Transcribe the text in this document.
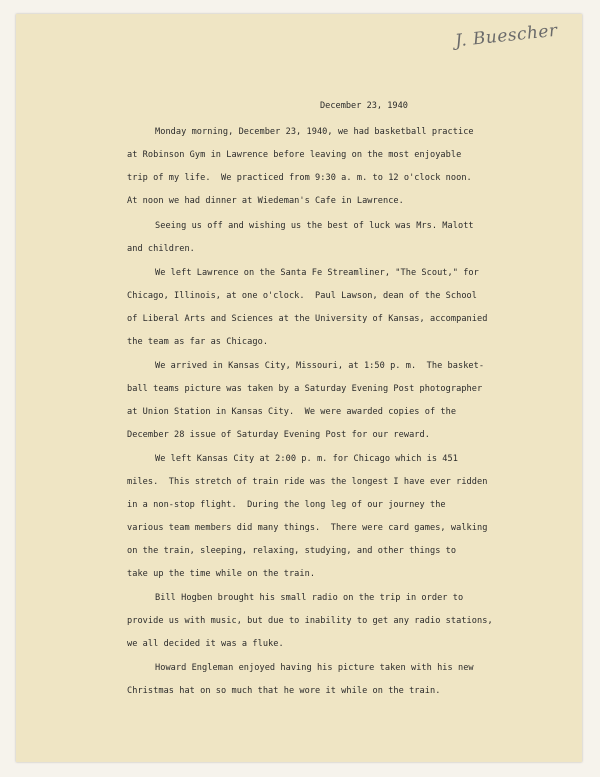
J. Buescher
December 23, 1940
Monday morning, December 23, 1940, we had basketball practice
at Robinson Gym in Lawrence before leaving on the most enjoyable
trip of my life.  We practiced from 9:30 a. m. to 12 o'clock noon.
At noon we had dinner at Wiedeman's Cafe in Lawrence.
Seeing us off and wishing us the best of luck was Mrs. Malott
and children.
We left Lawrence on the Santa Fe Streamliner, "The Scout," for
Chicago, Illinois, at one o'clock.  Paul Lawson, dean of the School
of Liberal Arts and Sciences at the University of Kansas, accompanied
the team as far as Chicago.
We arrived in Kansas City, Missouri, at 1:50 p. m.  The basket-
ball teams picture was taken by a Saturday Evening Post photographer
at Union Station in Kansas City.  We were awarded copies of the
December 28 issue of Saturday Evening Post for our reward.
We left Kansas City at 2:00 p. m. for Chicago which is 451
miles.  This stretch of train ride was the longest I have ever ridden
in a non-stop flight.  During the long leg of our journey the
various team members did many things.  There were card games, walking
on the train, sleeping, relaxing, studying, and other things to
take up the time while on the train.
Bill Hogben brought his small radio on the trip in order to
provide us with music, but due to inability to get any radio stations,
we all decided it was a fluke.
Howard Engleman enjoyed having his picture taken with his new
Christmas hat on so much that he wore it while on the train.
